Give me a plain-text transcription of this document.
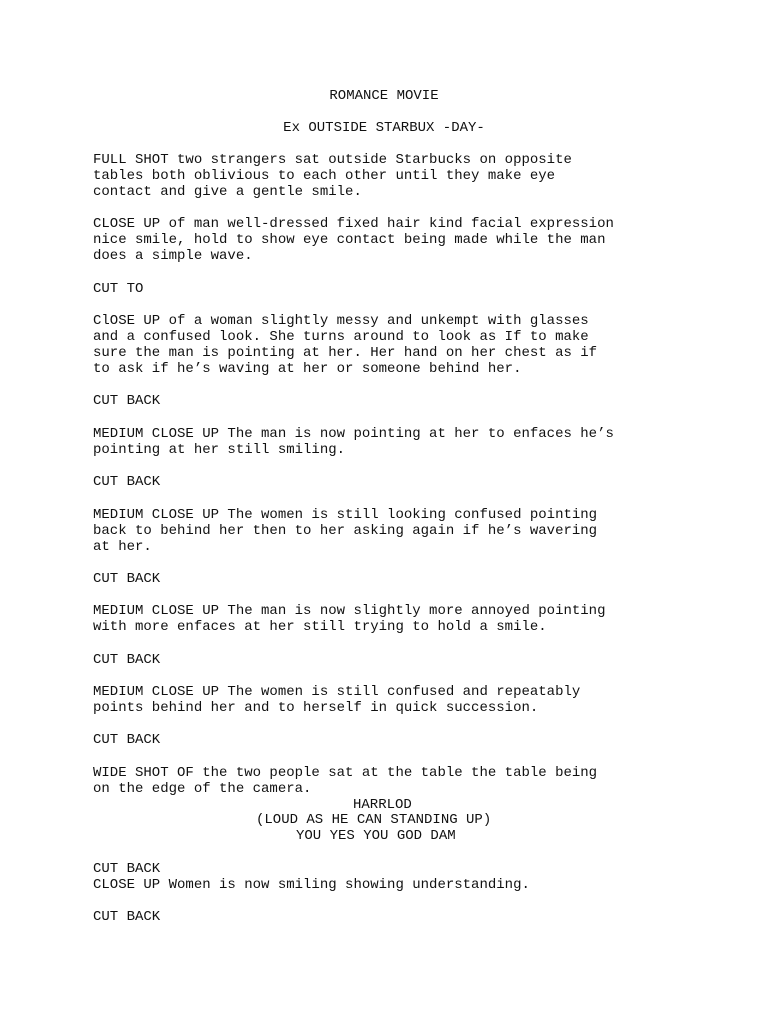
ROMANCE MOVIE
Ex OUTSIDE STARBUX -DAY-
FULL SHOT two strangers sat outside Starbucks on opposite
tables both oblivious to each other until they make eye
contact and give a gentle smile.
CLOSE UP of man well-dressed fixed hair kind facial expression
nice smile, hold to show eye contact being made while the man
does a simple wave.
CUT TO
ClOSE UP of a woman slightly messy and unkempt with glasses
and a confused look. She turns around to look as If to make
sure the man is pointing at her. Her hand on her chest as if
to ask if he’s waving at her or someone behind her.
CUT BACK
MEDIUM CLOSE UP The man is now pointing at her to enfaces he’s
pointing at her still smiling.
CUT BACK
MEDIUM CLOSE UP The women is still looking confused pointing
back to behind her then to her asking again if he’s wavering
at her.
CUT BACK
MEDIUM CLOSE UP The man is now slightly more annoyed pointing
with more enfaces at her still trying to hold a smile.
CUT BACK
MEDIUM CLOSE UP The women is still confused and repeatably
points behind her and to herself in quick succession.
CUT BACK
WIDE SHOT OF the two people sat at the table the table being
on the edge of the camera.
HARRLOD
(LOUD AS HE CAN STANDING UP)
YOU YES YOU GOD DAM
CUT BACK
CLOSE UP Women is now smiling showing understanding.
CUT BACK
